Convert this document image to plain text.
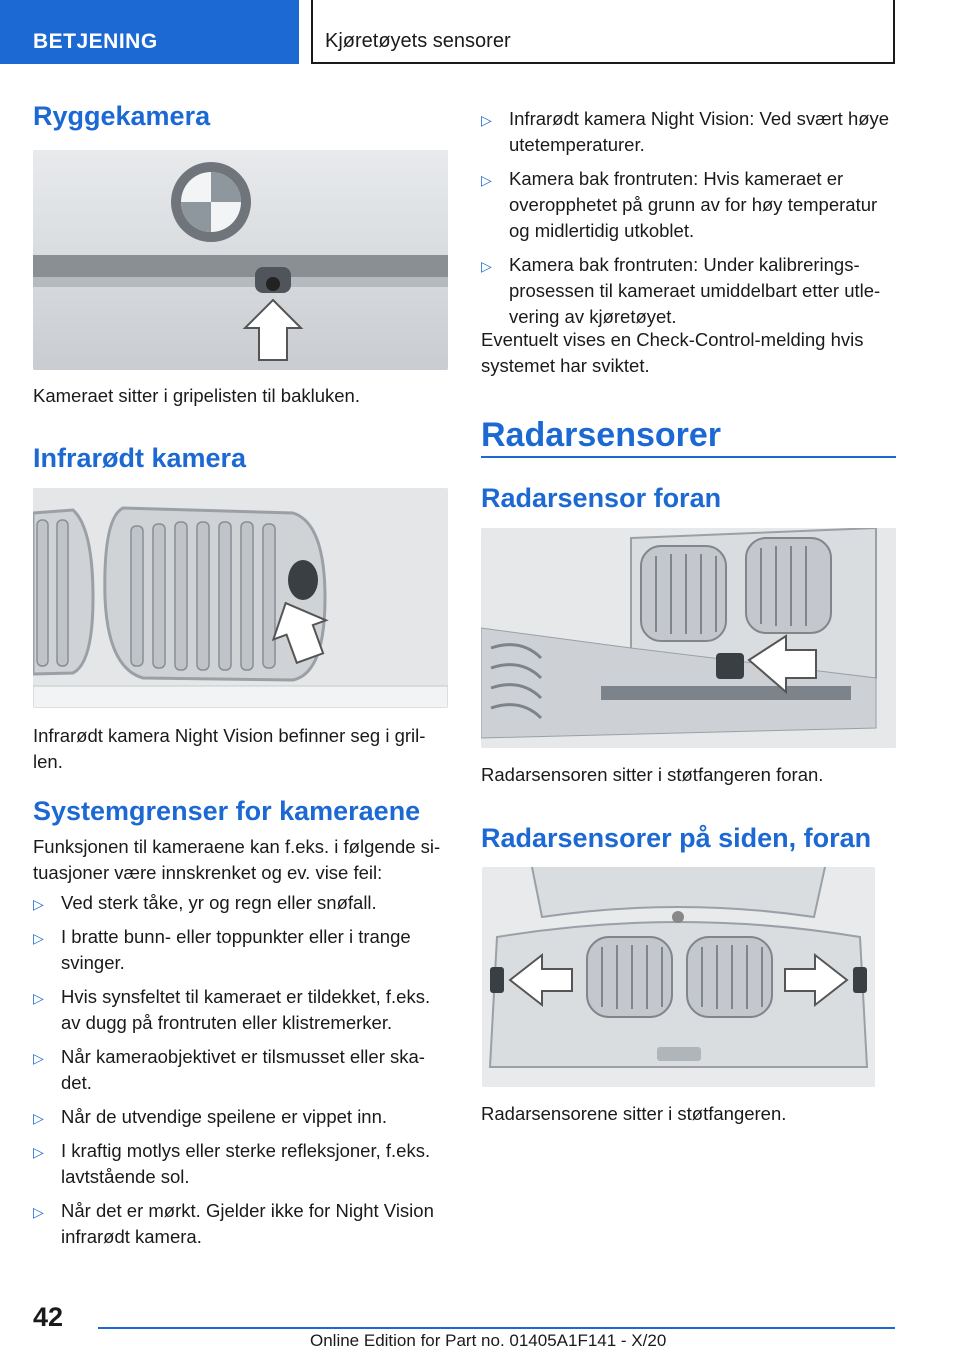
BETJENING	Kjøretøyets sensorer
Ryggekamera

Kameraet sitter i gripelisten til bakluken.

Infrarødt kamera

Infrarødt kamera Night Vision befinner seg i gril‐ len.

Systemgrenser for kameraene

Funksjonen til kameraene kan f.eks. i følgende si‐ tuasjoner være innskrenket og ev. vise feil:

▷ Ved sterk tåke, yr og regn eller snøfall.
▷ I bratte bunn- eller toppunkter eller i trange svinger.
▷ Hvis synsfeltet til kameraet er tildekket, f.eks. av dugg på frontruten eller klistremerker.
▷ Når kameraobjektivet er tilsmusset eller ska‐ det.
▷ Når de utvendige speilene er vippet inn.
▷ I kraftig motlys eller sterke refleksjoner, f.eks. lavtstående sol.
▷ Når det er mørkt. Gjelder ikke for Night Vision infrarødt kamera.
▷ Infrarødt kamera Night Vision: Ved svært høye utetemperaturer.
▷ Kamera bak frontruten: Hvis kameraet er overopphetet på grunn av for høy temperatur og midlertidig utkoblet.
▷ Kamera bak frontruten: Under kalibrerings‐ prosessen til kameraet umiddelbart etter utle‐ vering av kjøretøyet.

Eventuelt vises en Check-Control-melding hvis systemet har sviktet.

Radarsensorer
Radarsensor foran

Radarsensoren sitter i støtfangeren foran.

Radarsensorer på siden, foran

Radarsensorene sitter i støtfangeren.

42
Online Edition for Part no. 01405A1F141 - X/20
